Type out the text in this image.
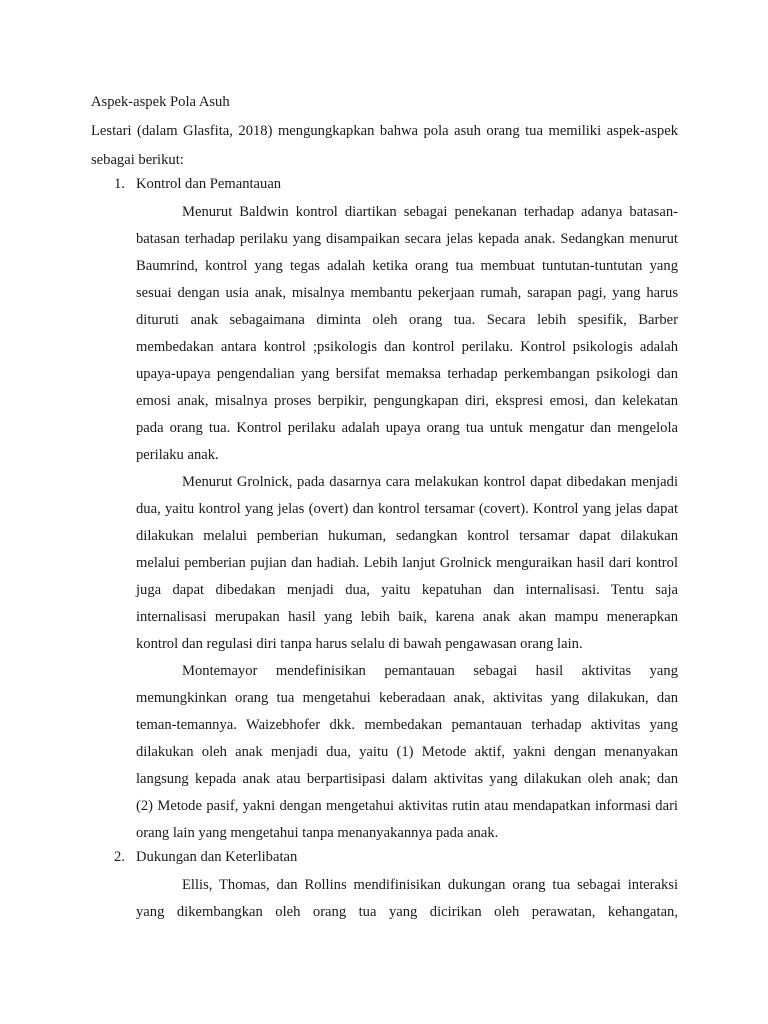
Aspek-aspek Pola Asuh
Lestari (dalam Glasfita, 2018) mengungkapkan bahwa pola asuh orang tua memiliki aspek-aspek
sebagai berikut:
1. Kontrol dan Pemantauan
Menurut Baldwin kontrol diartikan sebagai penekanan terhadap adanya batasan-
batasan terhadap perilaku yang disampaikan secara jelas kepada anak. Sedangkan menurut
Baumrind, kontrol yang tegas adalah ketika orang tua membuat tuntutan-tuntutan yang
sesuai dengan usia anak, misalnya membantu pekerjaan rumah, sarapan pagi, yang harus
dituruti anak sebagaimana diminta oleh orang tua. Secara lebih spesifik, Barber
membedakan antara kontrol ;psikologis dan kontrol perilaku. Kontrol psikologis adalah
upaya-upaya pengendalian yang bersifat memaksa terhadap perkembangan psikologi dan
emosi anak, misalnya proses berpikir, pengungkapan diri, ekspresi emosi, dan kelekatan
pada orang tua. Kontrol perilaku adalah upaya orang tua untuk mengatur dan mengelola
perilaku anak.
Menurut Grolnick, pada dasarnya cara melakukan kontrol dapat dibedakan menjadi
dua, yaitu kontrol yang jelas (overt) dan kontrol tersamar (covert). Kontrol yang jelas dapat
dilakukan melalui pemberian hukuman, sedangkan kontrol tersamar dapat dilakukan
melalui pemberian pujian dan hadiah. Lebih lanjut Grolnick menguraikan hasil dari kontrol
juga dapat dibedakan menjadi dua, yaitu kepatuhan dan internalisasi. Tentu saja
internalisasi merupakan hasil yang lebih baik, karena anak akan mampu menerapkan
kontrol dan regulasi diri tanpa harus selalu di bawah pengawasan orang lain.
Montemayor mendefinisikan pemantauan sebagai hasil aktivitas yang
memungkinkan orang tua mengetahui keberadaan anak, aktivitas yang dilakukan, dan
teman-temannya. Waizebhofer dkk. membedakan pemantauan terhadap aktivitas yang
dilakukan oleh anak menjadi dua, yaitu (1) Metode aktif, yakni dengan menanyakan
langsung kepada anak atau berpartisipasi dalam aktivitas yang dilakukan oleh anak; dan
(2) Metode pasif, yakni dengan mengetahui aktivitas rutin atau mendapatkan informasi dari
orang lain yang mengetahui tanpa menanyakannya pada anak.
2. Dukungan dan Keterlibatan
Ellis, Thomas, dan Rollins mendifinisikan dukungan orang tua sebagai interaksi
yang dikembangkan oleh orang tua yang dicirikan oleh perawatan, kehangatan,
